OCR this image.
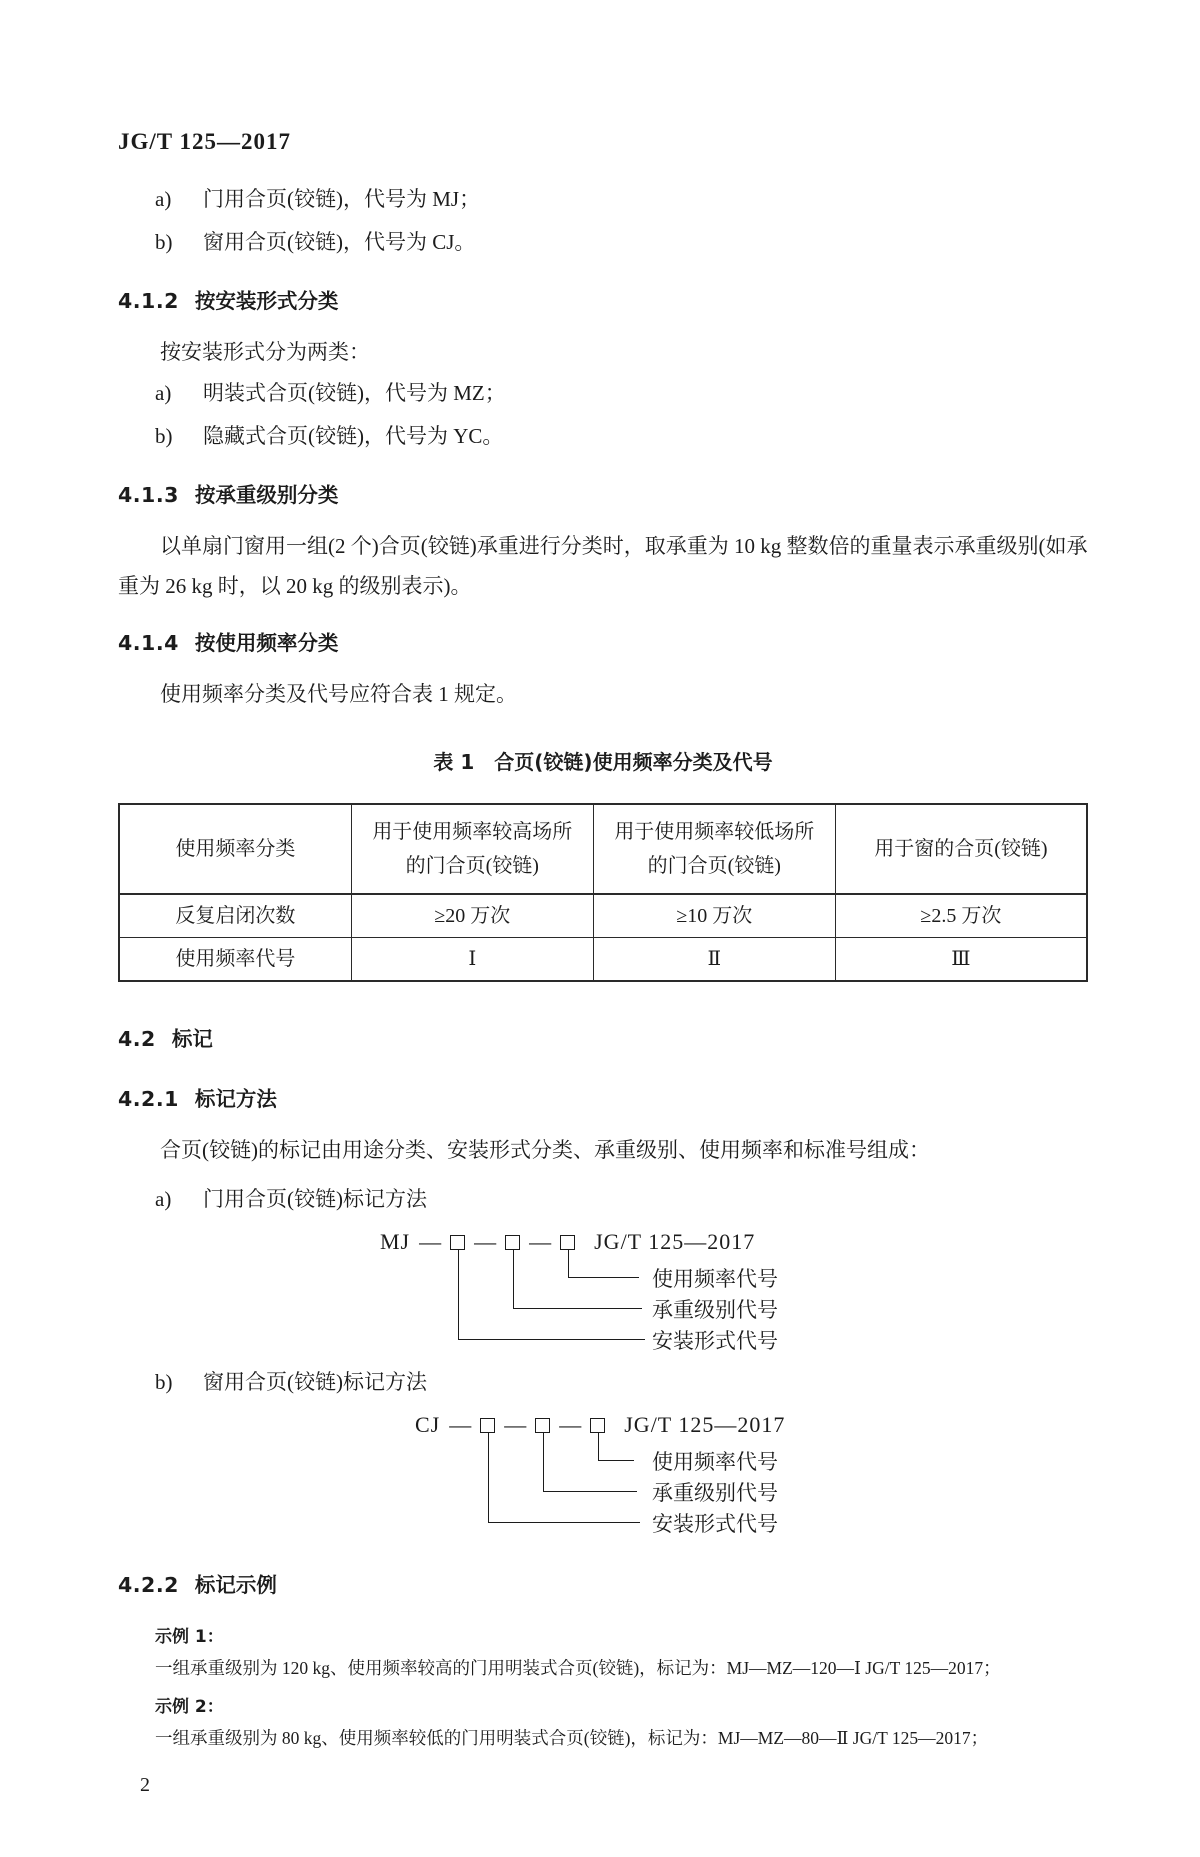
JG/T 125—2017
a)	门用合页(铰链)，代号为 MJ；
b)	窗用合页(铰链)，代号为 CJ。
4.1.2 按安装形式分类
按安装形式分为两类：
a)	明装式合页(铰链)，代号为 MZ；
b)	隐藏式合页(铰链)，代号为 YC。
4.1.3 按承重级别分类
以单扇门窗用一组(2 个)合页(铰链)承重进行分类时，取承重为 10 kg 整数倍的重量表示承重级别(如承重为 26 kg 时，以 20 kg 的级别表示)。
4.1.4 按使用频率分类
使用频率分类及代号应符合表 1 规定。
表 1　合页(铰链)使用频率分类及代号
使用频率分类	用于使用频率较高场所的门合页(铰链)	用于使用频率较低场所的门合页(铰链)	用于窗的合页(铰链)
反复启闭次数	≥20 万次	≥10 万次	≥2.5 万次
使用频率代号	Ⅰ	Ⅱ	Ⅲ
4.2 标记
4.2.1 标记方法
合页(铰链)的标记由用途分类、安装形式分类、承重级别、使用频率和标准号组成：
a)	门用合页(铰链)标记方法
MJ — — — JG/T 125—2017
使用频率代号
承重级别代号
安装形式代号
b)	窗用合页(铰链)标记方法
CJ — — — JG/T 125—2017
使用频率代号
承重级别代号
安装形式代号
4.2.2 标记示例
示例 1：
一组承重级别为 120 kg、使用频率较高的门用明装式合页(铰链)，标记为：MJ—MZ—120—Ⅰ JG/T 125—2017；
示例 2：
一组承重级别为 80 kg、使用频率较低的门用明装式合页(铰链)，标记为：MJ—MZ—80—Ⅱ JG/T 125—2017；
2
